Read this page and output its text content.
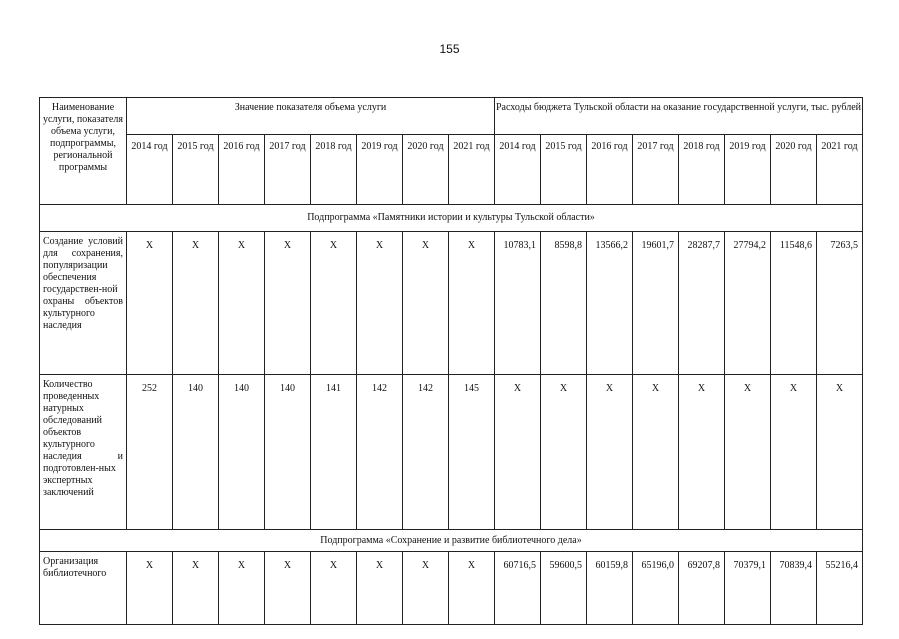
155
Наименование услуги, показателя объема услуги, подпрограммы, региональной программы	Значение показателя объема услуги								Расходы бюджета Тульской области на оказание государственной услуги, тыс. рублей							
	2014 год	2015 год	2016 год	2017 год	2018 год	2019 год	2020 год	2021 год	2014 год	2015 год	2016 год	2017 год	2018 год	2019 год	2020 год	2021 год
Подпрограмма «Памятники истории и культуры Тульской области»																
Создание условий для сохранения, популяризации обеспечения государствен-ной охраны объектов культурного наследия	X	X	X	X	X	X	X	X	10783,1	8598,8	13566,2	19601,7	28287,7	27794,2	11548,6	7263,5
Количество проведенных натурных обследований объектов культурного наследия и подготовлен-ных экспертных заключений	252	140	140	140	141	142	142	145	X	X	X	X	X	X	X	X
Подпрограмма «Сохранение и развитие библиотечного дела»																
Организация библиотечного	X	X	X	X	X	X	X	X	60716,5	59600,5	60159,8	65196,0	69207,8	70379,1	70839,4	55216,4
